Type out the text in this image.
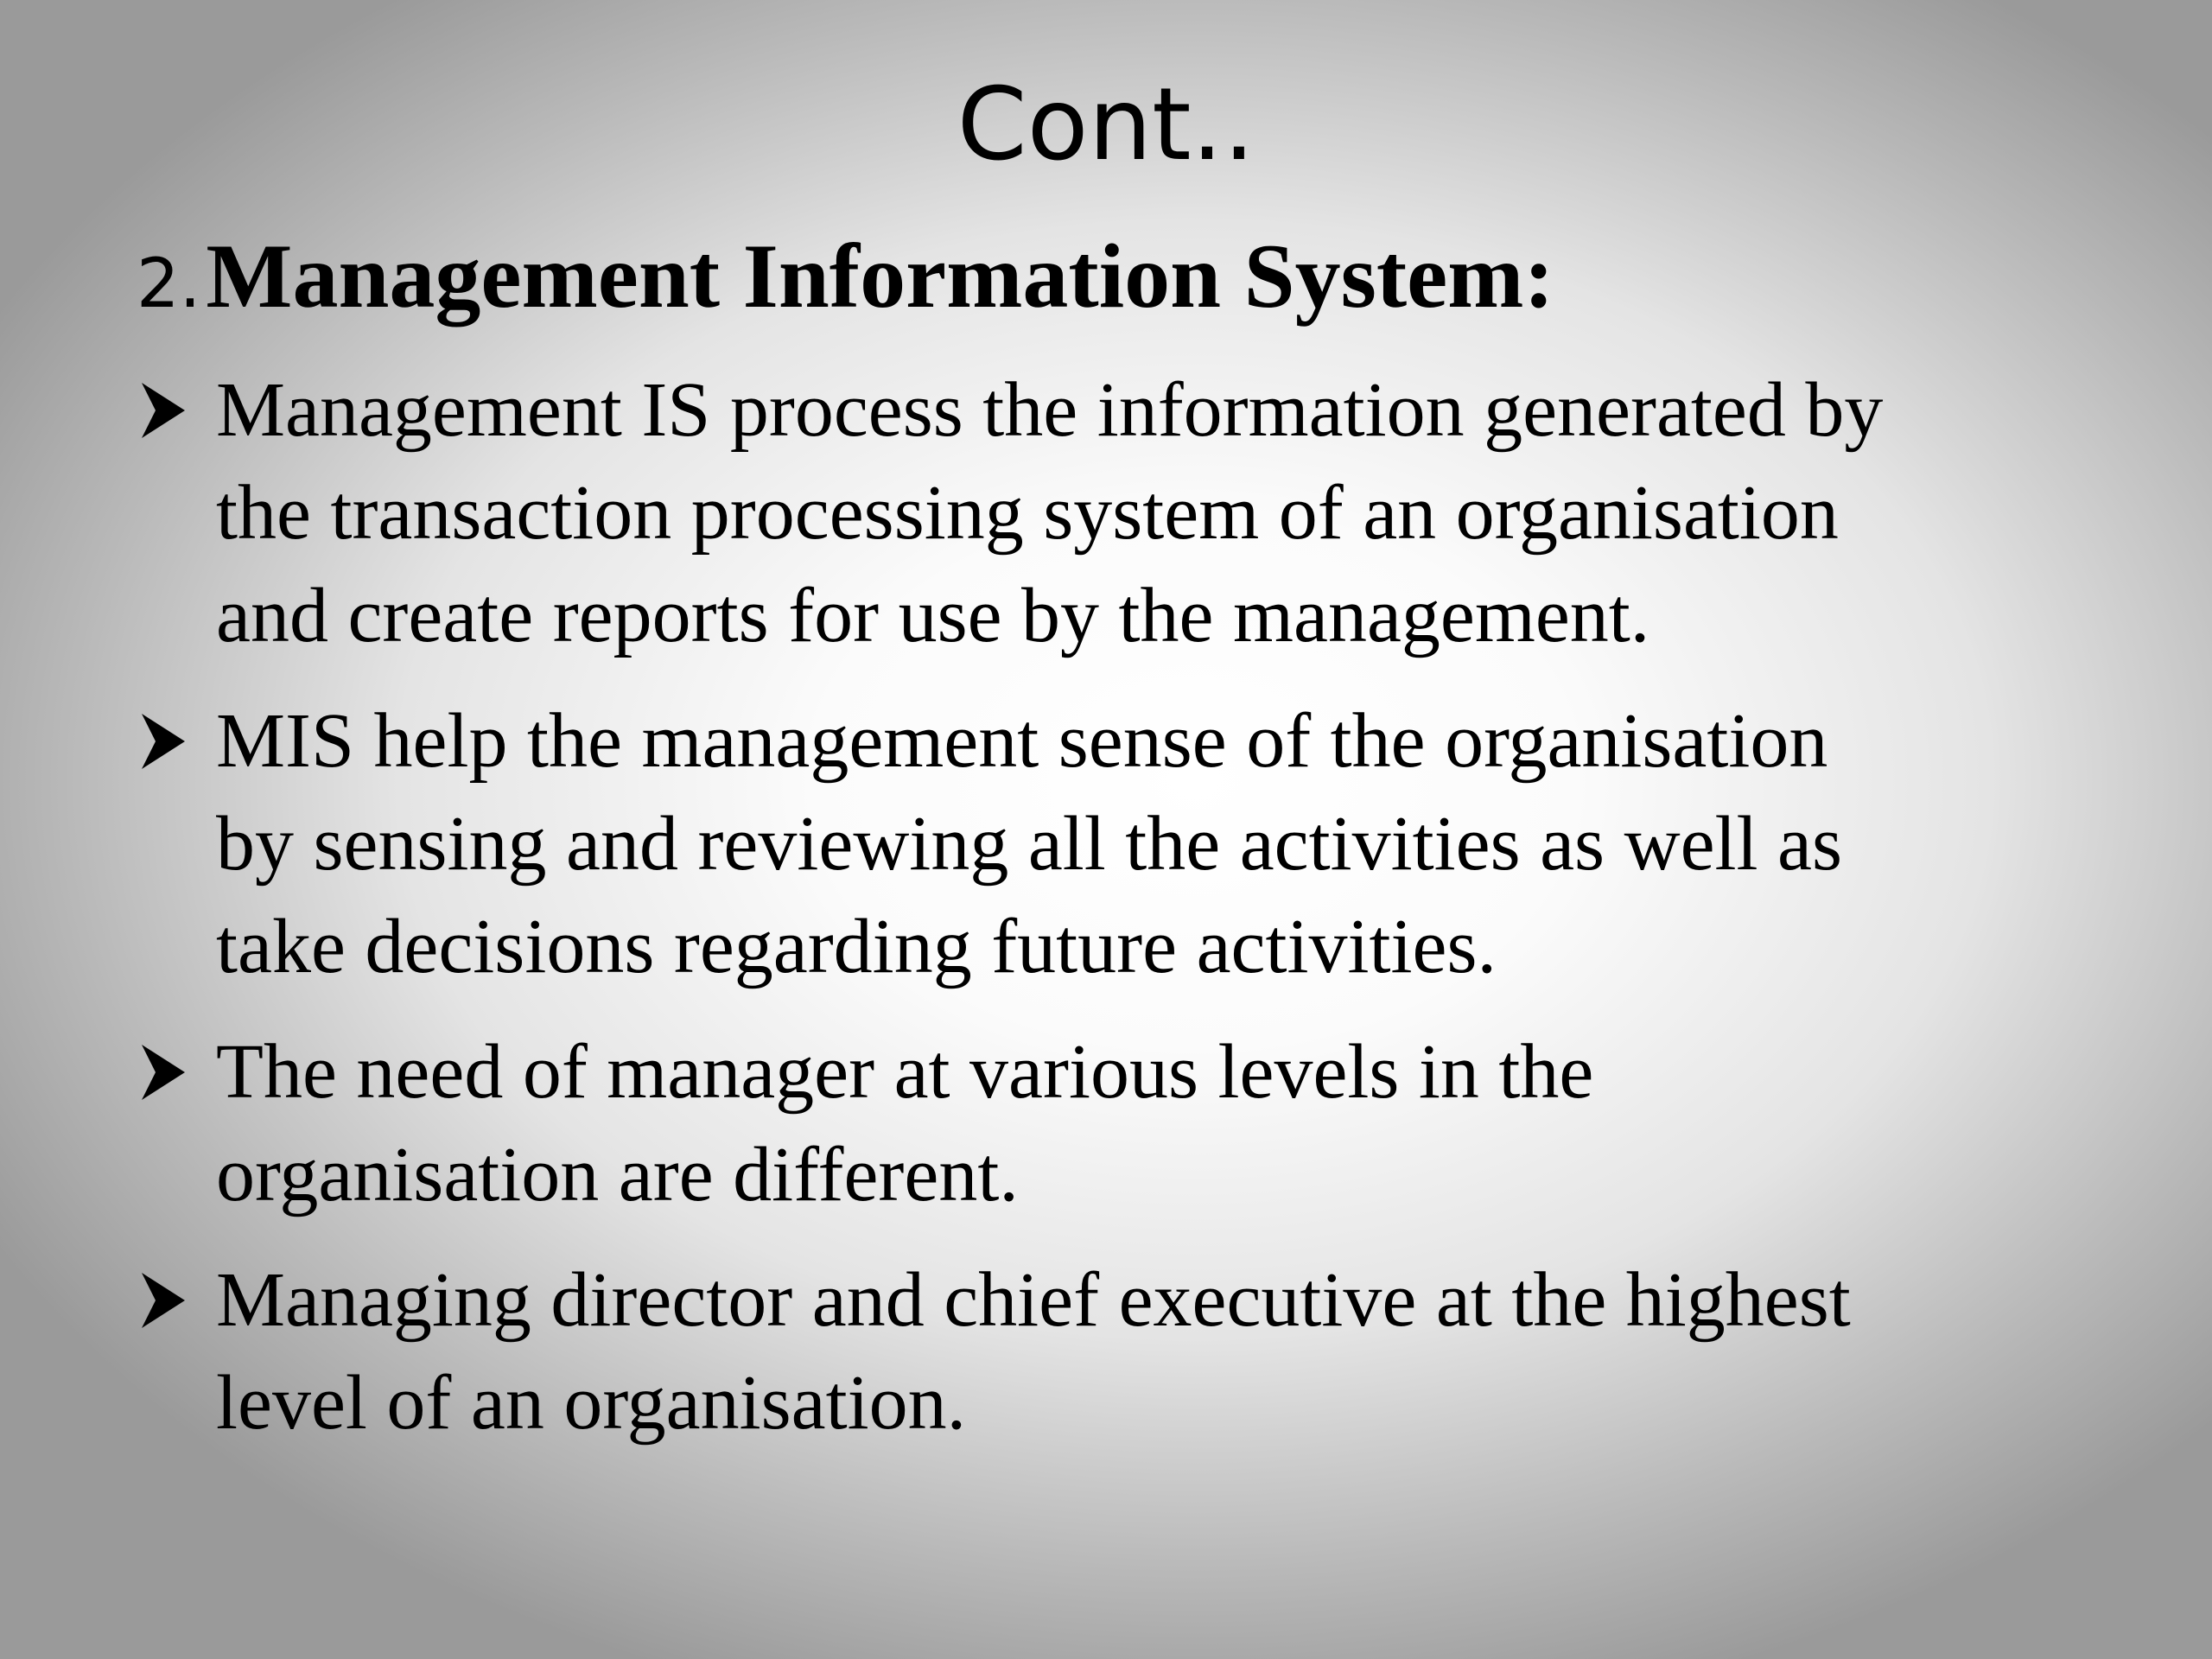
Cont..
2. Management Information System:
Management IS process the information generated by
the transaction processing system of an organisation
and create reports for use by the management.
MIS help the management sense of the organisation
by sensing and reviewing all the activities as well as
take decisions regarding future activities.
The need of manager at various levels in the
organisation are different.
Managing director and chief executive at the highest
level of an organisation.
